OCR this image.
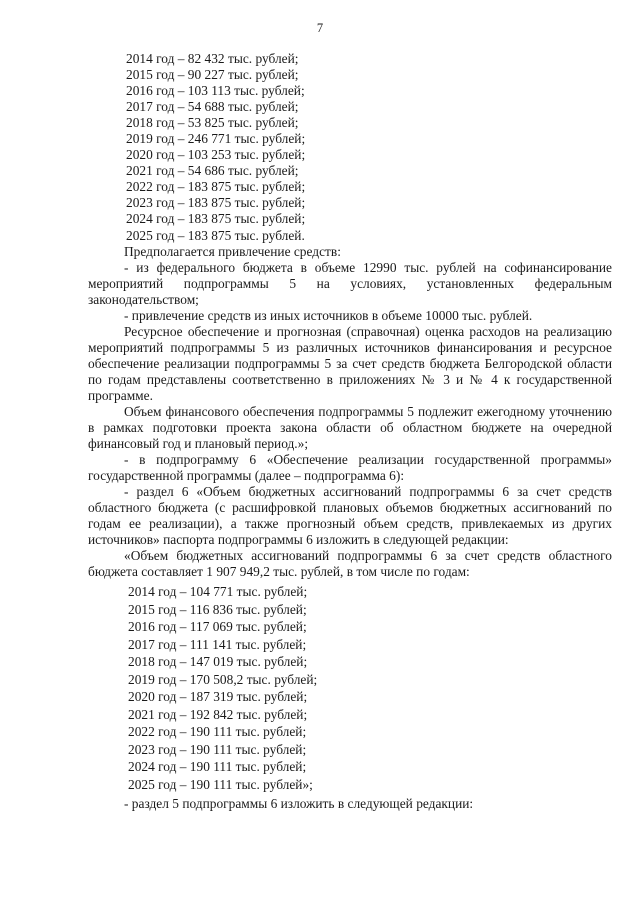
7
2014 год – 82 432 тыс. рублей;
2015 год – 90 227 тыс. рублей;
2016 год – 103 113 тыс. рублей;
2017 год – 54 688 тыс. рублей;
2018 год – 53 825 тыс. рублей;
2019 год – 246 771 тыс. рублей;
2020 год – 103 253 тыс. рублей;
2021 год – 54 686 тыс. рублей;
2022 год – 183 875 тыс. рублей;
2023 год – 183 875 тыс. рублей;
2024 год – 183 875 тыс. рублей;
2025 год – 183 875 тыс. рублей.
Предполагается привлечение средств:
- из федерального бюджета в объеме 12990 тыс. рублей на софинансирование мероприятий подпрограммы 5 на условиях, установленных федеральным законодательством;
- привлечение средств из иных источников в объеме 10000 тыс. рублей.
Ресурсное обеспечение и прогнозная (справочная) оценка расходов на реализацию мероприятий подпрограммы 5 из различных источников финансирования и ресурсное обеспечение реализации подпрограммы 5 за счет средств бюджета Белгородской области по годам представлены соответственно в приложениях № 3 и № 4 к государственной программе.
Объем финансового обеспечения подпрограммы 5 подлежит ежегодному уточнению в рамках подготовки проекта закона области об областном бюджете на очередной финансовый год и плановый период.»;
- в подпрограмму 6 «Обеспечение реализации государственной программы» государственной программы (далее – подпрограмма 6):
- раздел 6 «Объем бюджетных ассигнований подпрограммы 6 за счет средств областного бюджета (с расшифровкой плановых объемов бюджетных ассигнований по годам ее реализации), а также прогнозный объем средств, привлекаемых из других источников» паспорта подпрограммы 6 изложить в следующей редакции:
«Объем бюджетных ассигнований подпрограммы 6 за счет средств областного бюджета составляет 1 907 949,2 тыс. рублей, в том числе по годам:
2014 год – 104 771 тыс. рублей;
2015 год – 116 836 тыс. рублей;
2016 год – 117 069 тыс. рублей;
2017 год – 111 141 тыс. рублей;
2018 год – 147 019 тыс. рублей;
2019 год – 170 508,2 тыс. рублей;
2020 год – 187 319 тыс. рублей;
2021 год – 192 842 тыс. рублей;
2022 год – 190 111 тыс. рублей;
2023 год – 190 111 тыс. рублей;
2024 год – 190 111 тыс. рублей;
2025 год – 190 111 тыс. рублей»;
- раздел 5 подпрограммы 6 изложить в следующей редакции:
